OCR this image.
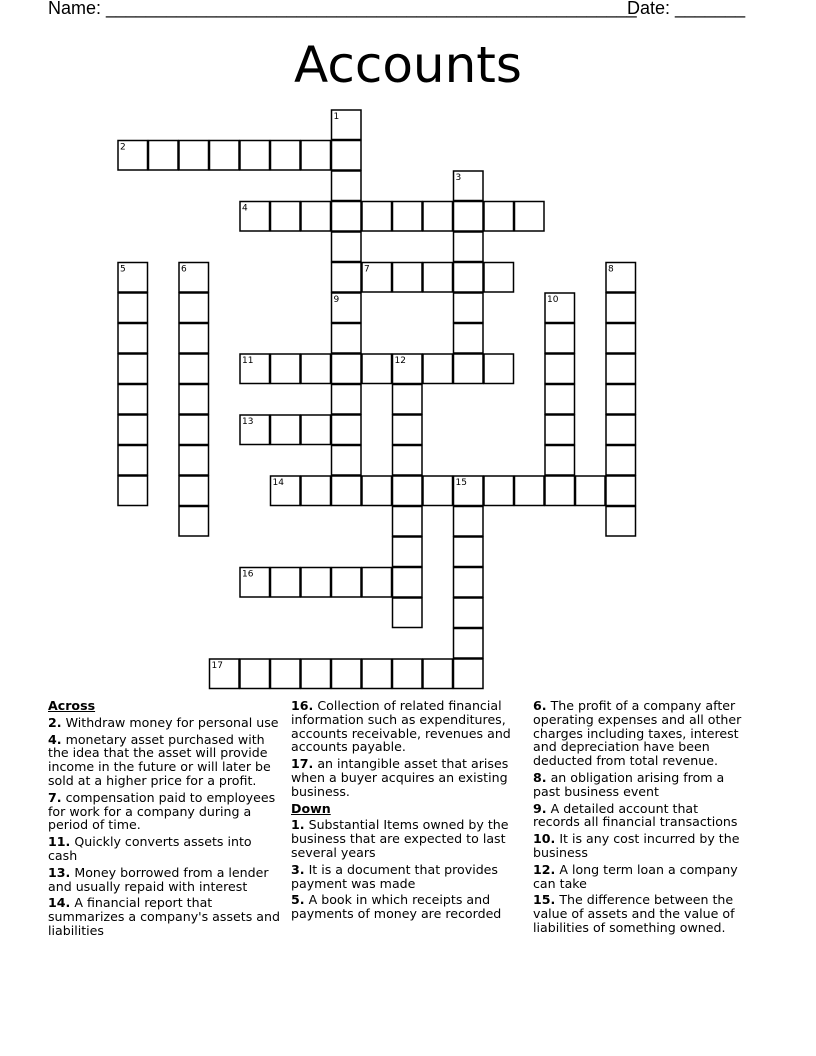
Name: _____________________________________________________
Date: _______
Accounts
1
2
3
4
5	6	7	8
9	10
11	12
13
14	15
16
17
Across
2. Withdraw money for personal use
4. monetary asset purchased with the idea that the asset will provide income in the future or will later be sold at a higher price for a profit.
7. compensation paid to employees for work for a company during a period of time.
11. Quickly converts assets into cash
13. Money borrowed from a lender and usually repaid with interest
14. A financial report that summarizes a company's assets and liabilities
16. Collection of related financial information such as expenditures, accounts receivable, revenues and accounts payable.
17. an intangible asset that arises when a buyer acquires an existing business.
Down
1. Substantial Items owned by the business that are expected to last several years
3. It is a document that provides payment was made
5. A book in which receipts and payments of money are recorded
6. The profit of a company after operating expenses and all other charges including taxes, interest and depreciation have been deducted from total revenue.
8. an obligation arising from a past business event
9. A detailed account that records all financial transactions
10. It is any cost incurred by the business
12. A long term loan a company can take
15. The difference between the value of assets and the value of liabilities of something owned.
